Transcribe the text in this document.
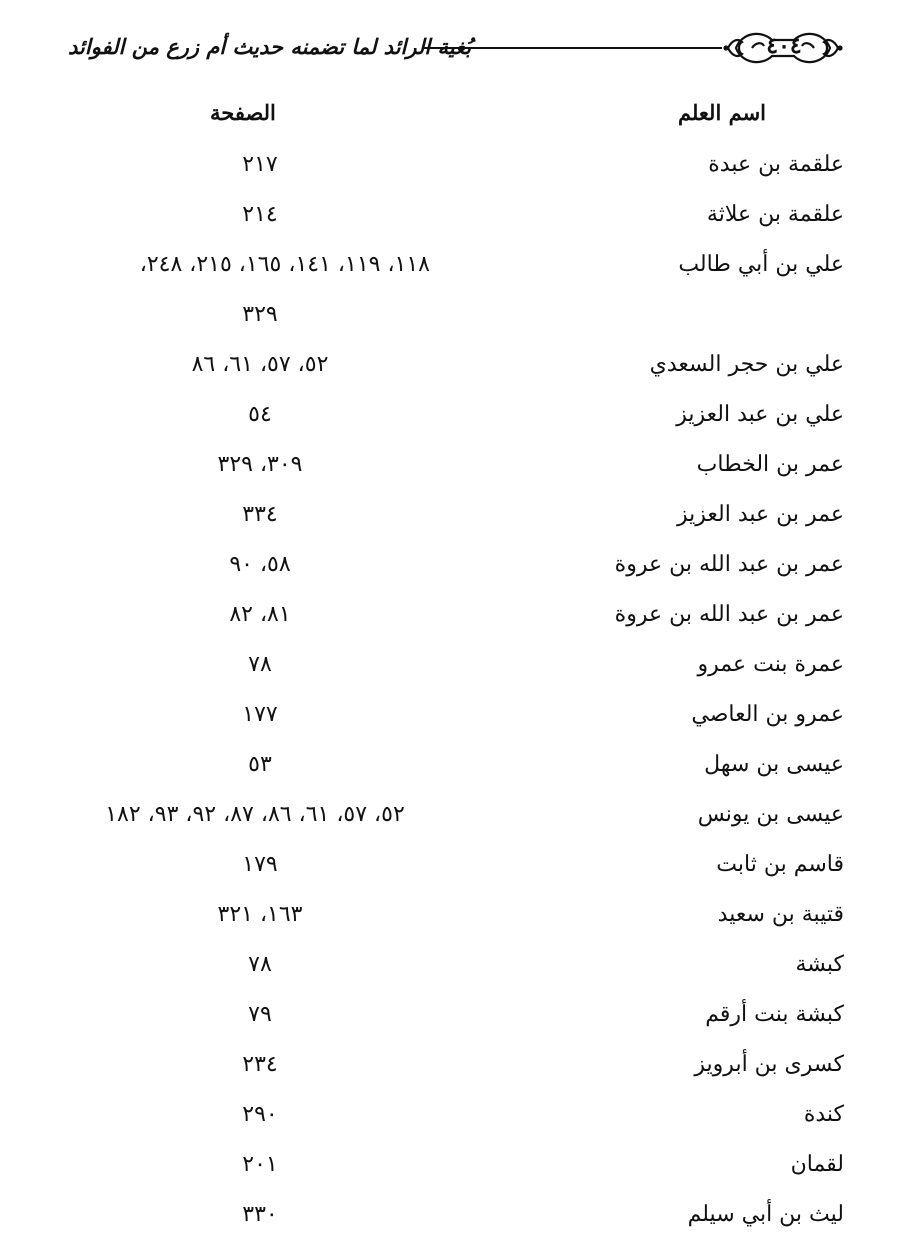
٤٠٤
بُغية الرائد لما تضمنه حديث أم زرع من الفوائد
اسم العلم
الصفحة
علقمة بن عبدة
٢١٧
علقمة بن علاثة
٢١٤
علي بن أبي طالب
١١٨، ١١٩، ١٤١، ١٦٥، ٢١٥، ٢٤٨،
٣٢٩
علي بن حجر السعدي
٥٢، ٥٧، ٦١، ٨٦
علي بن عبد العزيز
٥٤
عمر بن الخطاب
٣٠٩، ٣٢٩
عمر بن عبد العزيز
٣٣٤
عمر بن عبد الله بن عروة
٥٨، ٩٠
عمر بن عبد الله بن عروة
٨١، ٨٢
عمرة بنت عمرو
٧٨
عمرو بن العاصي
١٧٧
عيسى بن سهل
٥٣
عيسى بن يونس
٥٢، ٥٧، ٦١، ٨٦، ٨٧، ٩٢، ٩٣، ١٨٢
قاسم بن ثابت
١٧٩
قتيبة بن سعيد
١٦٣، ٣٢١
كبشة
٧٨
كبشة بنت أرقم
٧٩
كسرى بن أبرويز
٢٣٤
كندة
٢٩٠
لقمان
٢٠١
ليث بن أبي سيلم
٣٣٠
